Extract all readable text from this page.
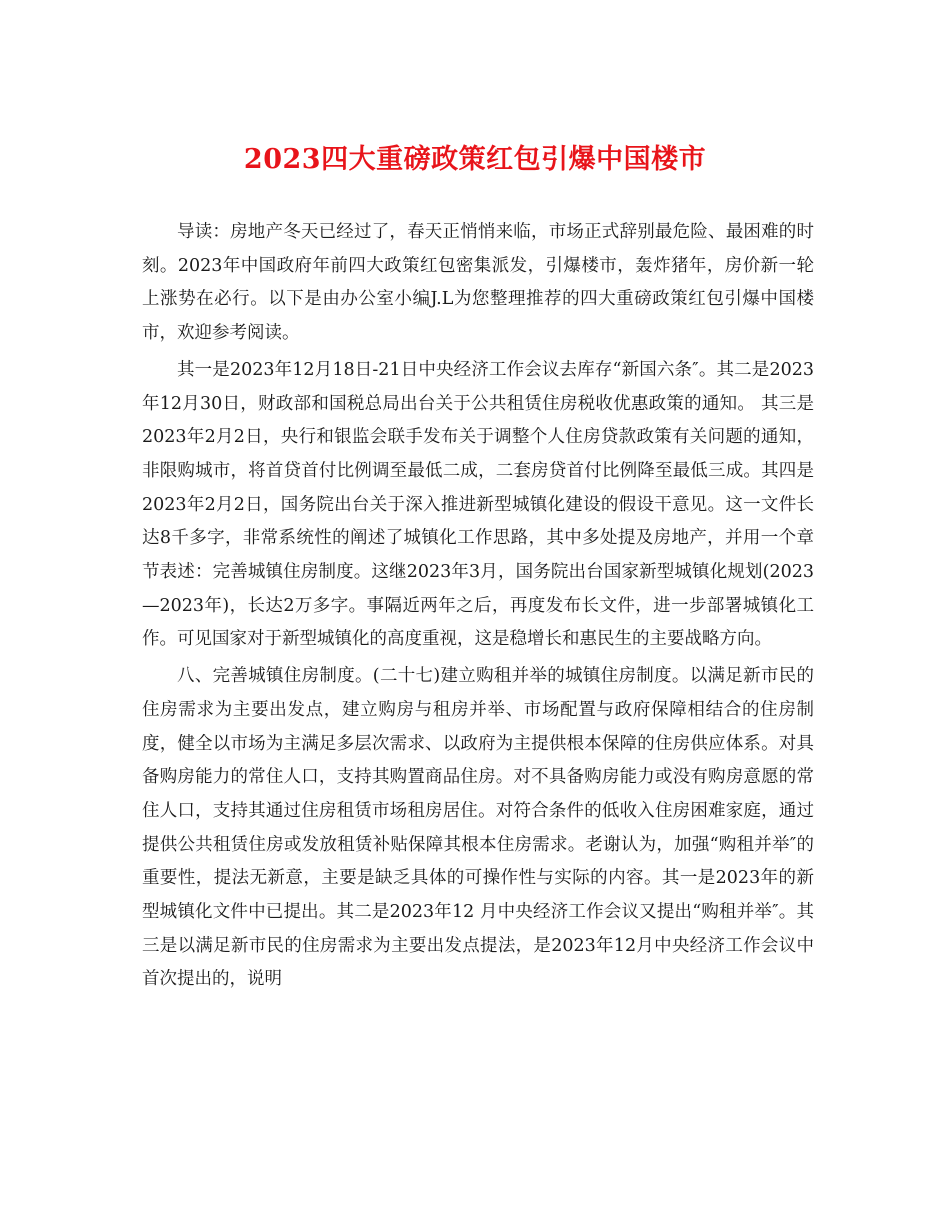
2023四大重磅政策红包引爆中国楼市

导读：房地产冬天已经过了，春天正悄悄来临，市场正式辞别最危险、最困难的时刻。2023年中国政府年前四大政策红包密集派发，引爆楼市，轰炸猪年，房价新一轮上涨势在必行。以下是由办公室小编J.L为您整理推荐的四大重磅政策红包引爆中国楼市，欢迎参考阅读。

其一是2023年12月18日-21日中央经济工作会议去库存“新国六条″。其二是2023年12月30日，财政部和国税总局出台关于公共租赁住房税收优惠政策的通知。 其三是2023年2月2日，央行和银监会联手发布关于调整个人住房贷款政策有关问题的通知，非限购城市，将首贷首付比例调至最低二成，二套房贷首付比例降至最低三成。其四是2023年2月2日，国务院出台关于深入推进新型城镇化建设的假设干意见。这一文件长达8千多字，非常系统性的阐述了城镇化工作思路，其中多处提及房地产，并用一个章节表述：完善城镇住房制度。这继2023年3月，国务院出台国家新型城镇化规划(2023—2023年)，长达2万多字。事隔近两年之后，再度发布长文件，进一步部署城镇化工作。可见国家对于新型城镇化的高度重视，这是稳增长和惠民生的主要战略方向。

八、完善城镇住房制度。(二十七)建立购租并举的城镇住房制度。以满足新市民的住房需求为主要出发点，建立购房与租房并举、市场配置与政府保障相结合的住房制度，健全以市场为主满足多层次需求、以政府为主提供根本保障的住房供应体系。对具备购房能力的常住人口，支持其购置商品住房。对不具备购房能力或没有购房意愿的常住人口，支持其通过住房租赁市场租房居住。对符合条件的低收入住房困难家庭，通过提供公共租赁住房或发放租赁补贴保障其根本住房需求。老谢认为，加强“购租并举″的重要性，提法无新意，主要是缺乏具体的可操作性与实际的内容。其一是2023年的新型城镇化文件中已提出。其二是2023年12 月中央经济工作会议又提出“购租并举″。其三是以满足新市民的住房需求为主要出发点提法，是2023年12月中央经济工作会议中首次提出的，说明
